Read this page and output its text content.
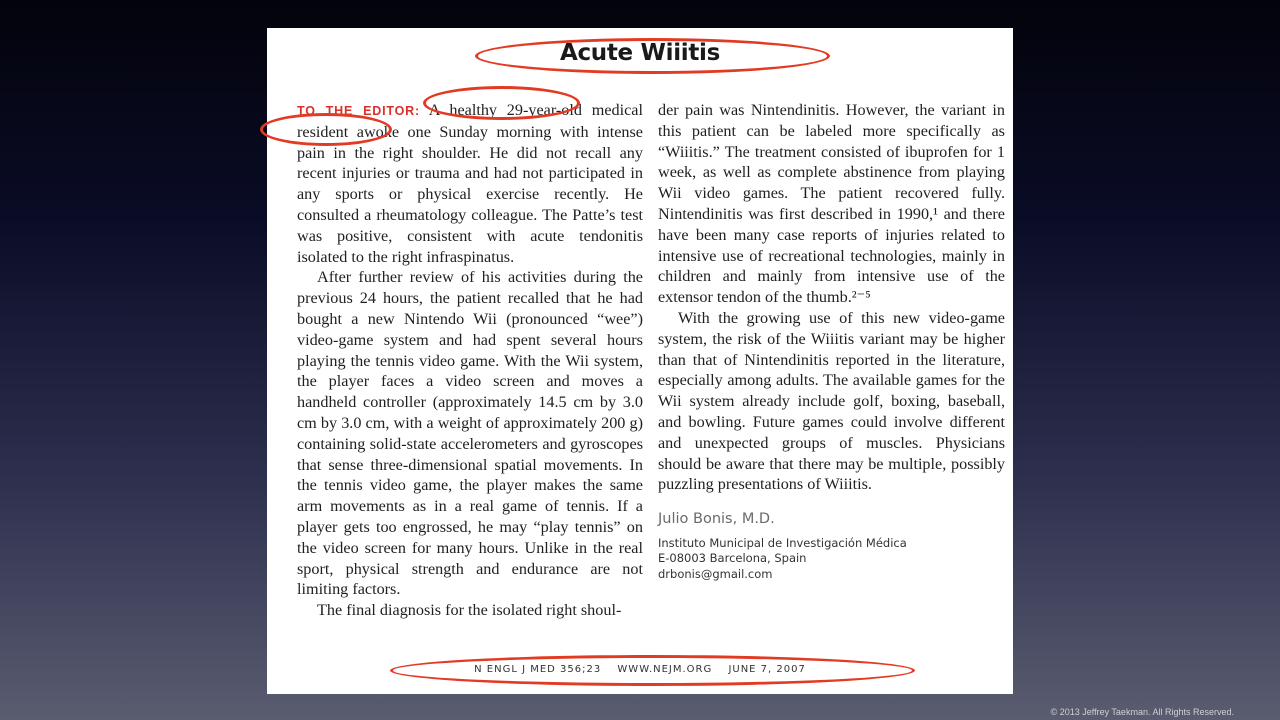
Acute Wiiitis

TO THE EDITOR: A healthy 29-year-old medical resident awoke one Sunday morning with intense pain in the right shoulder. He did not recall any recent injuries or trauma and had not participated in any sports or physical exercise recently. He consulted a rheumatology colleague. The Patte’s test was positive, consistent with acute tendonitis isolated to the right infraspinatus.

After further review of his activities during the previous 24 hours, the patient recalled that he had bought a new Nintendo Wii (pronounced “wee”) video-game system and had spent several hours playing the tennis video game. With the Wii system, the player faces a video screen and moves a handheld controller (approximately 14.5 cm by 3.0 cm by 3.0 cm, with a weight of approximately 200 g) containing solid-state accelerometers and gyroscopes that sense three-dimensional spatial movements. In the tennis video game, the player makes the same arm movements as in a real game of tennis. If a player gets too engrossed, he may “play tennis” on the video screen for many hours. Unlike in the real sport, physical strength and endurance are not limiting factors.

The final diagnosis for the isolated right shoul-

der pain was Nintendinitis. However, the variant in this patient can be labeled more specifically as “Wiiitis.” The treatment consisted of ibuprofen for 1 week, as well as complete abstinence from playing Wii video games. The patient recovered fully. Nintendinitis was first described in 1990,¹ and there have been many case reports of injuries related to intensive use of recreational technologies, mainly in children and mainly from intensive use of the extensor tendon of the thumb.²⁻⁵

With the growing use of this new video-game system, the risk of the Wiiitis variant may be higher than that of Nintendinitis reported in the literature, especially among adults. The available games for the Wii system already include golf, boxing, baseball, and bowling. Future games could involve different and unexpected groups of muscles. Physicians should be aware that there may be multiple, possibly puzzling presentations of Wiiitis.

Julio Bonis, M.D.
Instituto Municipal de Investigación Médica
E-08003 Barcelona, Spain
drbonis@gmail.com
N ENGL J MED 356;23 WWW.NEJM.ORG JUNE 7, 2007
© 2013 Jeffrey Taekman. All Rights Reserved.
